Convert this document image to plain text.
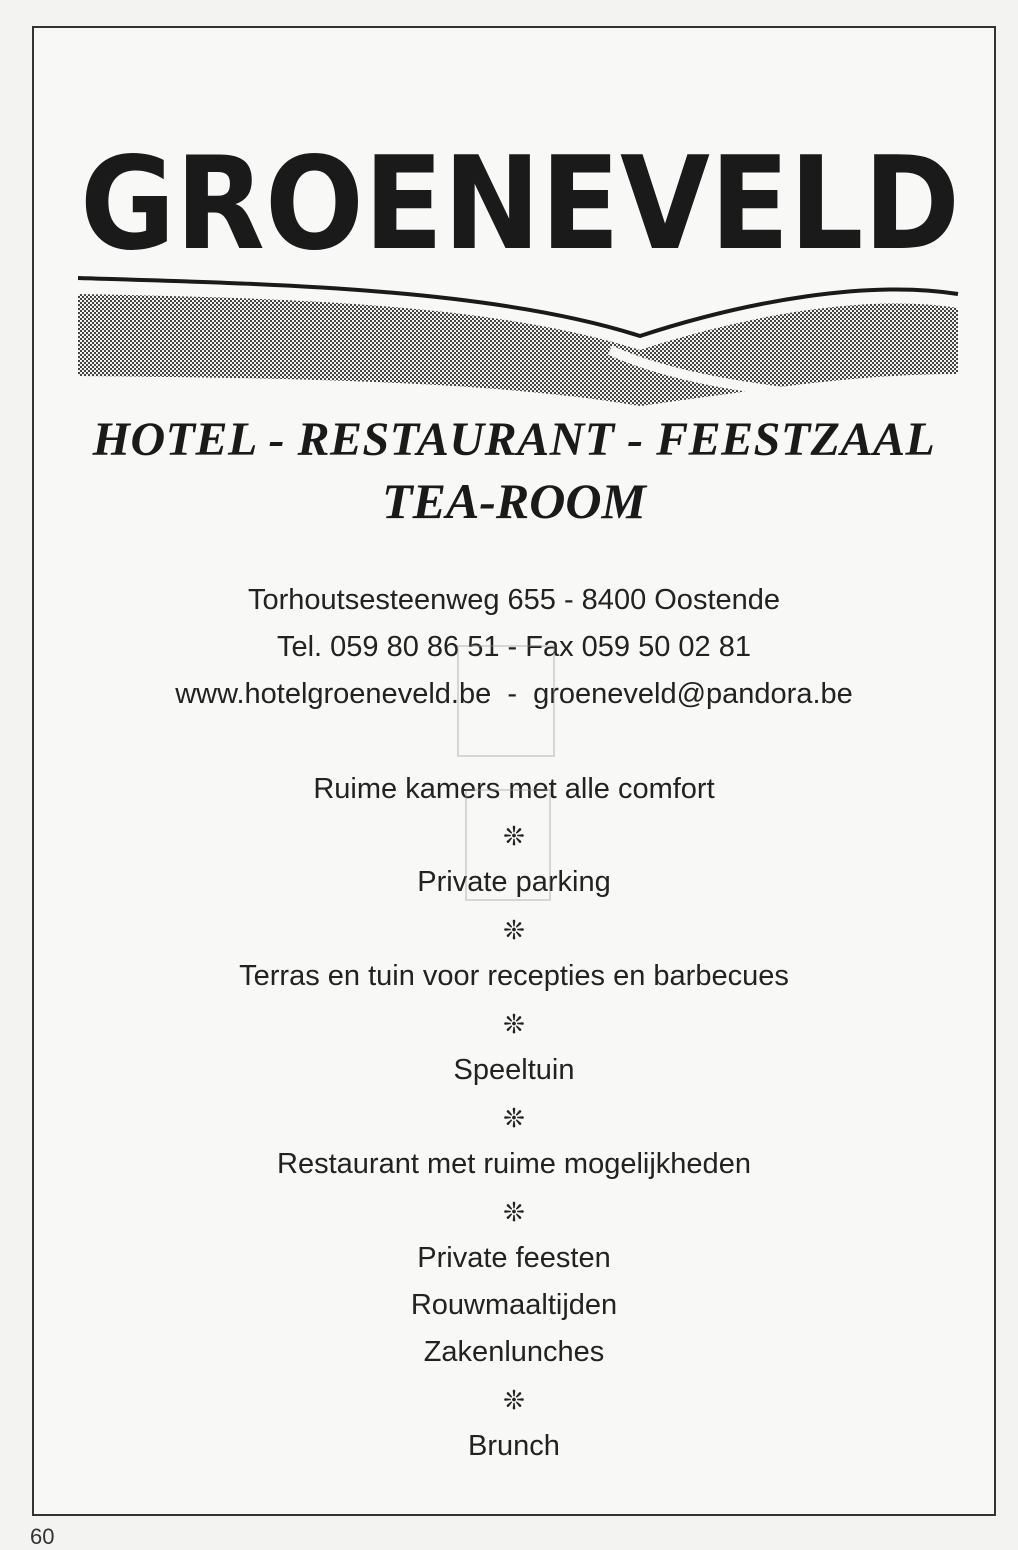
GROENEVELD
HOTEL - RESTAURANT - FEESTZAAL
TEA-ROOM
Torhoutsesteenweg 655 - 8400 Oostende
Tel. 059 80 86 51 - Fax 059 50 02 81
www.hotelgroeneveld.be  -  groeneveld@pandora.be
Ruime kamers met alle comfort
❊
Private parking
❊
Terras en tuin voor recepties en barbecues
❊
Speeltuin
❊
Restaurant met ruime mogelijkheden
❊
Private feesten
Rouwmaaltijden
Zakenlunches
❊
Brunch
60
